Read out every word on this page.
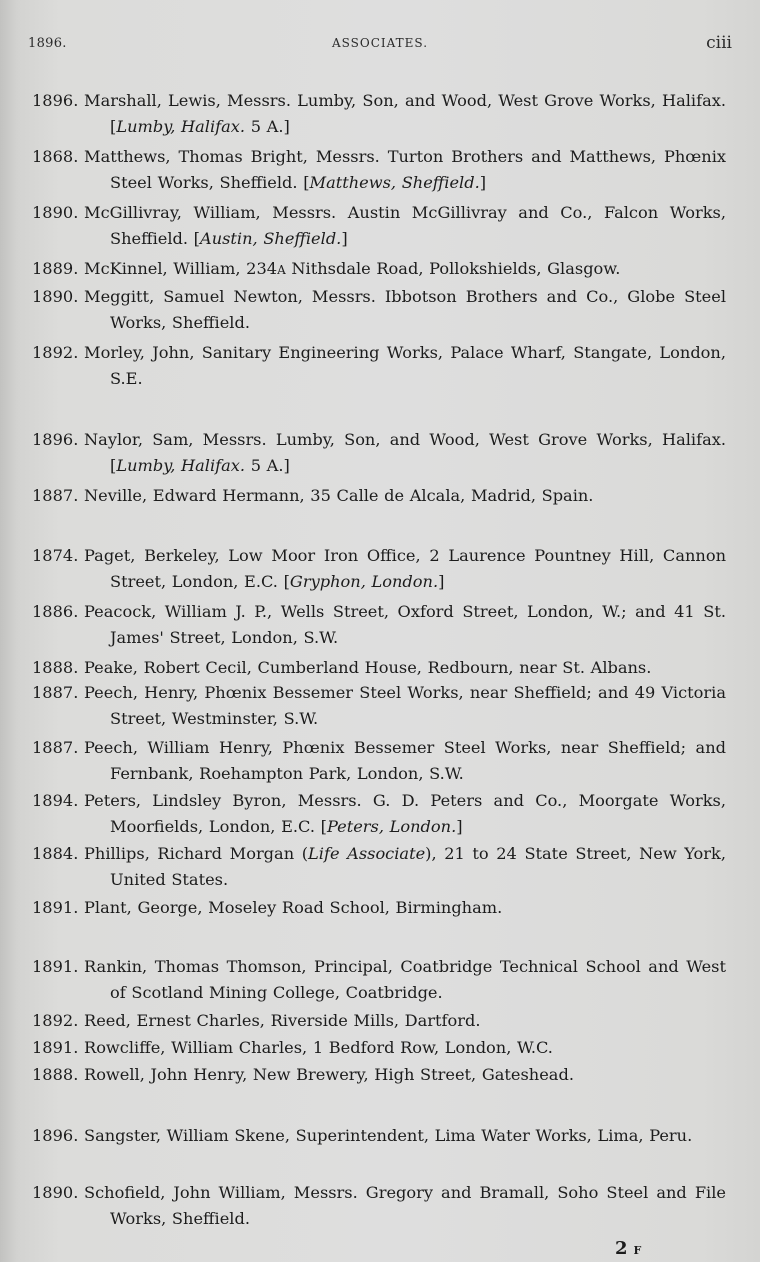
1896.	ASSOCIATES.	ciii
1896. Marshall, Lewis, Messrs. Lumby, Son, and Wood, West Grove Works, Halifax. [Lumby, Halifax. 5 A.]
1868. Matthews, Thomas Bright, Messrs. Turton Brothers and Matthews, Phœnix Steel Works, Sheffield. [Matthews, Sheffield.]
1890. McGillivray, William, Messrs. Austin McGillivray and Co., Falcon Works, Sheffield. [Austin, Sheffield.]
1889. McKinnel, William, 234A Nithsdale Road, Pollokshields, Glasgow.
1890. Meggitt, Samuel Newton, Messrs. Ibbotson Brothers and Co., Globe Steel Works, Sheffield.
1892. Morley, John, Sanitary Engineering Works, Palace Wharf, Stangate, London, S.E.
1896. Naylor, Sam, Messrs. Lumby, Son, and Wood, West Grove Works, Halifax. [Lumby, Halifax. 5 A.]
1887. Neville, Edward Hermann, 35 Calle de Alcala, Madrid, Spain.
1874. Paget, Berkeley, Low Moor Iron Office, 2 Laurence Pountney Hill, Cannon Street, London, E.C. [Gryphon, London.]
1886. Peacock, William J. P., Wells Street, Oxford Street, London, W.; and 41 St. James' Street, London, S.W.
1888. Peake, Robert Cecil, Cumberland House, Redbourn, near St. Albans.
1887. Peech, Henry, Phœnix Bessemer Steel Works, near Sheffield; and 49 Victoria Street, Westminster, S.W.
1887. Peech, William Henry, Phœnix Bessemer Steel Works, near Sheffield; and Fernbank, Roehampton Park, London, S.W.
1894. Peters, Lindsley Byron, Messrs. G. D. Peters and Co., Moorgate Works, Moorfields, London, E.C. [Peters, London.]
1884. Phillips, Richard Morgan (Life Associate), 21 to 24 State Street, New York, United States.
1891. Plant, George, Moseley Road School, Birmingham.
1891. Rankin, Thomas Thomson, Principal, Coatbridge Technical School and West of Scotland Mining College, Coatbridge.
1892. Reed, Ernest Charles, Riverside Mills, Dartford.
1891. Rowcliffe, William Charles, 1 Bedford Row, London, W.C.
1888. Rowell, John Henry, New Brewery, High Street, Gateshead.
1896. Sangster, William Skene, Superintendent, Lima Water Works, Lima, Peru.
1890. Schofield, John William, Messrs. Gregory and Bramall, Soho Steel and File Works, Sheffield.
2 F
